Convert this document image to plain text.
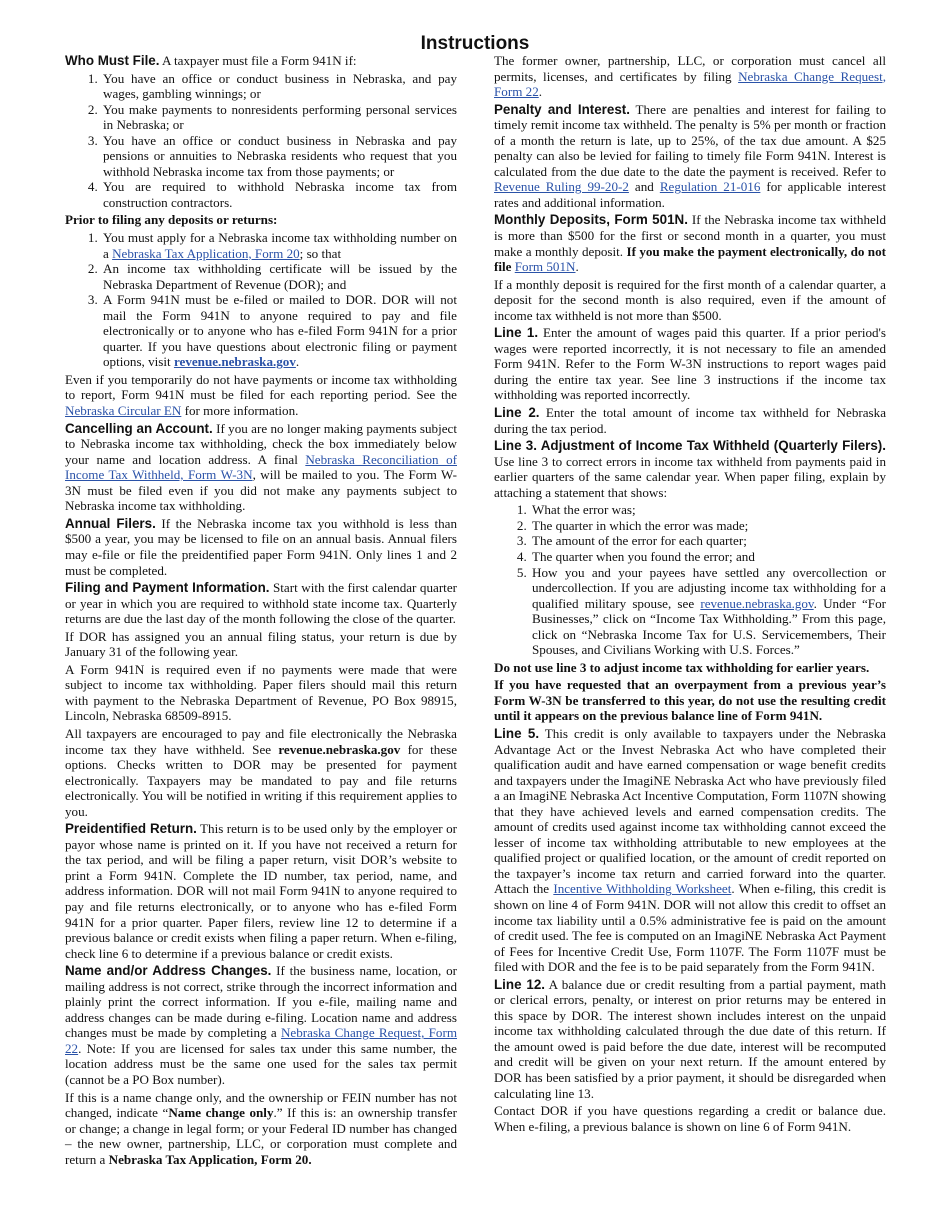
Instructions

Who Must File. A taxpayer must file a Form 941N if:

1. You have an office or conduct business in Nebraska, and pay wages, gambling winnings; or
2. You make payments to nonresidents performing personal services in Nebraska; or
3. You have an office or conduct business in Nebraska and pay pensions or annuities to Nebraska residents who request that you withhold Nebraska income tax from those payments; or
4. You are required to withhold Nebraska income tax from construction contractors.

Prior to filing any deposits or returns:

1. You must apply for a Nebraska income tax withholding number on a Nebraska Tax Application, Form 20; so that
2. An income tax withholding certificate will be issued by the Nebraska Department of Revenue (DOR); and
3. A Form 941N must be e-filed or mailed to DOR. DOR will not mail the Form 941N to anyone required to pay and file electronically or to anyone who has e-filed Form 941N for a prior quarter. If you have questions about electronic filing or payment options, visit revenue.nebraska.gov.

Even if you temporarily do not have payments or income tax withholding to report, Form 941N must be filed for each reporting period. See the Nebraska Circular EN for more information.

Cancelling an Account. If you are no longer making payments subject to Nebraska income tax withholding, check the box immediately below your name and location address. A final Nebraska Reconciliation of Income Tax Withheld, Form W-3N, will be mailed to you. The Form W-3N must be filed even if you did not make any payments subject to Nebraska income tax withholding.

Annual Filers. If the Nebraska income tax you withhold is less than $500 a year, you may be licensed to file on an annual basis. Annual filers may e-file or file the preidentified paper Form 941N. Only lines 1 and 2 must be completed.

Filing and Payment Information. Start with the first calendar quarter or year in which you are required to withhold state income tax. Quarterly returns are due the last day of the month following the close of the quarter.

If DOR has assigned you an annual filing status, your return is due by January 31 of the following year.

A Form 941N is required even if no payments were made that were subject to income tax withholding. Paper filers should mail this return with payment to the Nebraska Department of Revenue, PO Box 98915, Lincoln, Nebraska 68509-8915.

All taxpayers are encouraged to pay and file electronically the Nebraska income tax they have withheld. See revenue.nebraska.gov for these options. Checks written to DOR may be presented for payment electronically. Taxpayers may be mandated to pay and file returns electronically. You will be notified in writing if this requirement applies to you.

Preidentified Return. This return is to be used only by the employer or payor whose name is printed on it. If you have not received a return for the tax period, and will be filing a paper return, visit DOR’s website to print a Form 941N. Complete the ID number, tax period, name, and address information. DOR will not mail Form 941N to anyone required to pay and file returns electronically, or to anyone who has e-filed Form 941N for a prior quarter. Paper filers, review line 12 to determine if a previous balance or credit exists when filing a paper return. When e-filing, check line 6 to determine if a previous balance or credit exists.

Name and/or Address Changes. If the business name, location, or mailing address is not correct, strike through the incorrect information and plainly print the correct information. If you e-file, mailing name and address changes can be made during e-filing. Location name and address changes must be made by completing a Nebraska Change Request, Form 22. Note: If you are licensed for sales tax under this same number, the location address must be the same one used for the sales tax permit (cannot be a PO Box number).

If this is a name change only, and the ownership or FEIN number has not changed, indicate “Name change only.” If this is: an ownership transfer or change; a change in legal form; or your Federal ID number has changed – the new owner, partnership, LLC, or corporation must complete and return a Nebraska Tax Application, Form 20.

The former owner, partnership, LLC, or corporation must cancel all permits, licenses, and certificates by filing Nebraska Change Request, Form 22.

Penalty and Interest. There are penalties and interest for failing to timely remit income tax withheld. The penalty is 5% per month or fraction of a month the return is late, up to 25%, of the tax due amount. A $25 penalty can also be levied for failing to timely file Form 941N. Interest is calculated from the due date to the date the payment is received. Refer to Revenue Ruling 99-20-2 and Regulation 21-016 for applicable interest rates and additional information.

Monthly Deposits, Form 501N. If the Nebraska income tax withheld is more than $500 for the first or second month in a quarter, you must make a monthly deposit. If you make the payment electronically, do not file Form 501N.

If a monthly deposit is required for the first month of a calendar quarter, a deposit for the second month is also required, even if the amount of income tax withheld is not more than $500.

Line 1. Enter the amount of wages paid this quarter. If a prior period's wages were reported incorrectly, it is not necessary to file an amended Form 941N. Refer to the Form W-3N instructions to report wages paid during the entire tax year. See line 3 instructions if the income tax withholding was reported incorrectly.

Line 2. Enter the total amount of income tax withheld for Nebraska during the tax period.

Line 3. Adjustment of Income Tax Withheld (Quarterly Filers). Use line 3 to correct errors in income tax withheld from payments paid in earlier quarters of the same calendar year. When paper filing, explain by attaching a statement that shows:

1. What the error was;
2. The quarter in which the error was made;
3. The amount of the error for each quarter;
4. The quarter when you found the error; and
5. How you and your payees have settled any overcollection or undercollection. If you are adjusting income tax withholding for a qualified military spouse, see revenue.nebraska.gov. Under “For Businesses,” click on “Income Tax Withholding.” From this page, click on “Nebraska Income Tax for U.S. Servicemembers, Their Spouses, and Civilians Working with U.S. Forces.”

Do not use line 3 to adjust income tax withholding for earlier years.

If you have requested that an overpayment from a previous year’s Form W-3N be transferred to this year, do not use the resulting credit until it appears on the previous balance line of Form 941N.

Line 5. This credit is only available to taxpayers under the Nebraska Advantage Act or the Invest Nebraska Act who have completed their qualification audit and have earned compensation or wage benefit credits and taxpayers under the ImagiNE Nebraska Act who have previously filed a an ImagiNE Nebraska Act Incentive Computation, Form 1107N showing that they have achieved levels and earned compensation credits. The amount of credits used against income tax withholding cannot exceed the lesser of income tax withholding attributable to new employees at the qualified project or qualified location, or the amount of credit reported on the taxpayer’s income tax return and carried forward into the quarter. Attach the Incentive Withholding Worksheet. When e-filing, this credit is shown on line 4 of Form 941N. DOR will not allow this credit to offset an income tax liability until a 0.5% administrative fee is paid on the amount of credit used. The fee is computed on an ImagiNE Nebraska Act Payment of Fees for Incentive Credit Use, Form 1107F. The Form 1107F must be filed with DOR and the fee is to be paid separately from the Form 941N.

Line 12. A balance due or credit resulting from a partial payment, math or clerical errors, penalty, or interest on prior returns may be entered in this space by DOR. The interest shown includes interest on the unpaid income tax withholding calculated through the due date of this return. If the amount owed is paid before the due date, interest will be recomputed and credit will be given on your next return. If the amount entered by DOR has been satisfied by a prior payment, it should be disregarded when calculating line 13.

Contact DOR if you have questions regarding a credit or balance due. When e-filing, a previous balance is shown on line 6 of Form 941N.
